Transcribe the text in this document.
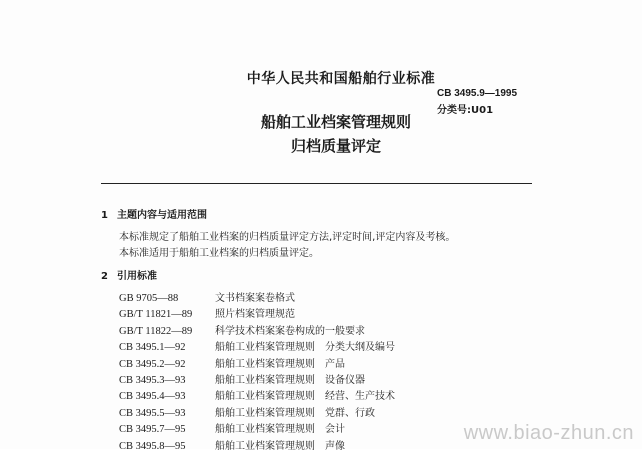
中华人民共和国船舶行业标准
CB 3495.9—1995
分类号:U01
船舶工业档案管理规则
归档质量评定
1 主题内容与适用范围
本标准规定了船舶工业档案的归档质量评定方法,评定时间,评定内容及考核。
本标准适用于船舶工业档案的归档质量评定。
2 引用标准
GB 9705—88	文书档案案卷格式
GB/T 11821—89 照片档案管理规范
GB/T 11822—89 科学技术档案案卷构成的一般要求
CB 3495.1—92	船舶工业档案管理规则　分类大纲及编号
CB 3495.2—92	船舶工业档案管理规则　产品
CB 3495.3—93	船舶工业档案管理规则　设备仪器
CB 3495.4—93	船舶工业档案管理规则　经营、生产技术
CB 3495.5—93	船舶工业档案管理规则　党群、行政
CB 3495.7—95	船舶工业档案管理规则　会计
CB 3495.8—95	船舶工业档案管理规则　声像
www.biao-zhun.cn
